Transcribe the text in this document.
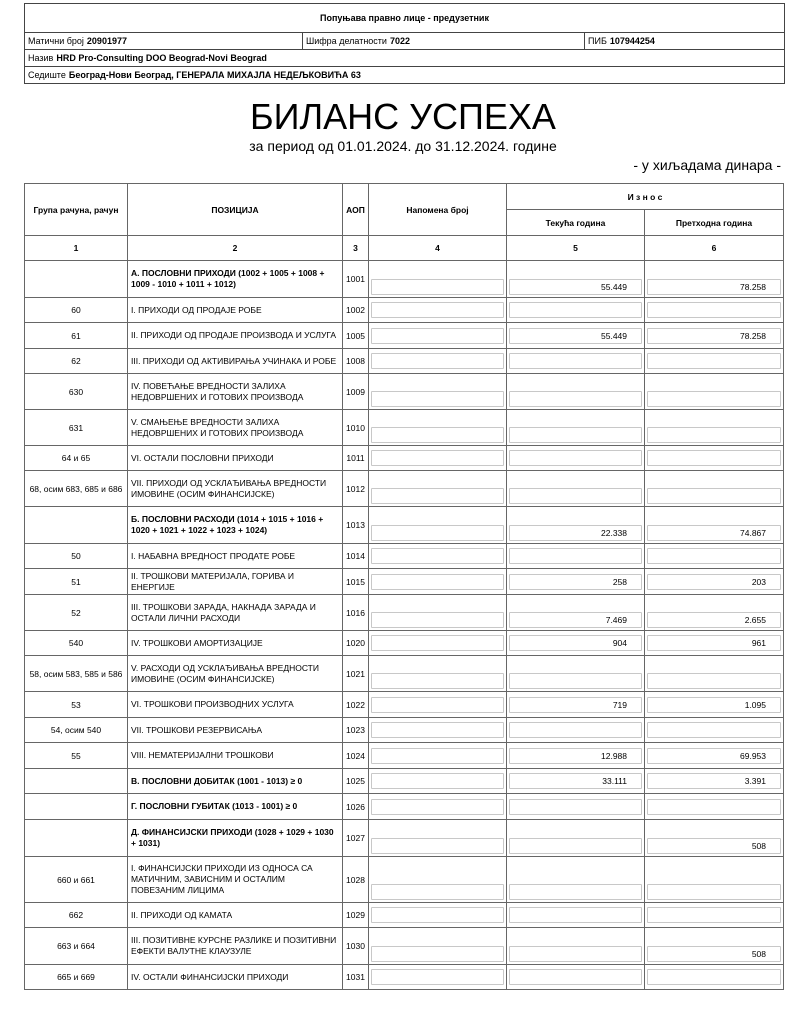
Попуњава правно лице - предузетник
Матични број 20901977	Шифра делатности 7022	ПИБ 107944254
Назив HRD Pro-Consulting DOO Beograd-Novi Beograd
Седиште Београд-Нови Београд, ГЕНЕРАЛА МИХАЈЛА НЕДЕЉКОВИЋА 63
БИЛАНС УСПЕХА
за период од 01.01.2024. до 31.12.2024. године
- у хиљадама динара -
Група рачуна, рачун	ПОЗИЦИЈА	АОП	Напомена број	И з н о с	
				Текућа година	Претходна година
1	2	3	4	5	6
	А. ПОСЛОВНИ ПРИХОДИ (1002 + 1005 + 1008 + 1009 - 1010 + 1011 + 1012)	1001		55.449	78.258

60	I. ПРИХОДИ ОД ПРОДАЈЕ РОБЕ	1002	

61	II. ПРИХОДИ ОД ПРОДАЈЕ ПРОИЗВОДА И УСЛУГА	1005		55.449	78.258

62	III. ПРИХОДИ ОД АКТИВИРАЊА УЧИНАКА И РОБЕ	1008	

630	IV. ПОВЕЋАЊЕ ВРЕДНОСТИ ЗАЛИХА НЕДОВРШЕНИХ И ГОТОВИХ ПРОИЗВОДА	1009	

631	V. СМАЊЕЊЕ ВРЕДНОСТИ ЗАЛИХА НЕДОВРШЕНИХ И ГОТОВИХ ПРОИЗВОДА	1010	

64 и 65	VI. ОСТАЛИ ПОСЛОВНИ ПРИХОДИ	1011	

68, осим 683, 685 и 686	VII. ПРИХОДИ ОД УСКЛАЂИВАЊА ВРЕДНОСТИ ИМОВИНЕ (ОСИМ ФИНАНСИЈСКЕ)	1012	

	Б. ПОСЛОВНИ РАСХОДИ (1014 + 1015 + 1016 + 1020 + 1021 + 1022 + 1023 + 1024)	1013		22.338	74.867

50	I. НАБАВНА ВРЕДНОСТ ПРОДАТЕ РОБЕ	1014	

51	II. ТРОШКОВИ МАТЕРИЈАЛА, ГОРИВА И ЕНЕРГИЈЕ	1015		258	203

52	III. ТРОШКОВИ ЗАРАДА, НАКНАДА ЗАРАДА И ОСТАЛИ ЛИЧНИ РАСХОДИ	1016		7.469	2.655

540	IV. ТРОШКОВИ АМОРТИЗАЦИЈЕ	1020		904	961

58, осим 583, 585 и 586	V. РАСХОДИ ОД УСКЛАЂИВАЊА ВРЕДНОСТИ ИМОВИНЕ (ОСИМ ФИНАНСИЈСКЕ)	1021	

53	VI. ТРОШКОВИ ПРОИЗВОДНИХ УСЛУГА	1022		719	1.095

54, осим 540	VII. ТРОШКОВИ РЕЗЕРВИСАЊА	1023	

55	VIII. НЕМАТЕРИЈАЛНИ ТРОШКОВИ	1024		12.988	69.953

	В. ПОСЛОВНИ ДОБИТАК (1001 - 1013) ≥ 0	1025		33.111	3.391

	Г. ПОСЛОВНИ ГУБИТАК (1013 - 1001) ≥ 0	1026	

	Д. ФИНАНСИЈСКИ ПРИХОДИ (1028 + 1029 + 1030 + 1031)	1027			508

660 и 661	I. ФИНАНСИЈСКИ ПРИХОДИ ИЗ ОДНОСА СА МАТИЧНИМ, ЗАВИСНИМ И ОСТАЛИМ ПОВЕЗАНИМ ЛИЦИМА	1028	

662	II. ПРИХОДИ ОД КАМАТА	1029	

663 и 664	III. ПОЗИТИВНЕ КУРСНЕ РАЗЛИКЕ И ПОЗИТИВНИ ЕФЕКТИ ВАЛУТНЕ КЛАУЗУЛЕ	1030			508

665 и 669	IV. ОСТАЛИ ФИНАНСИЈСКИ ПРИХОДИ	1031	
